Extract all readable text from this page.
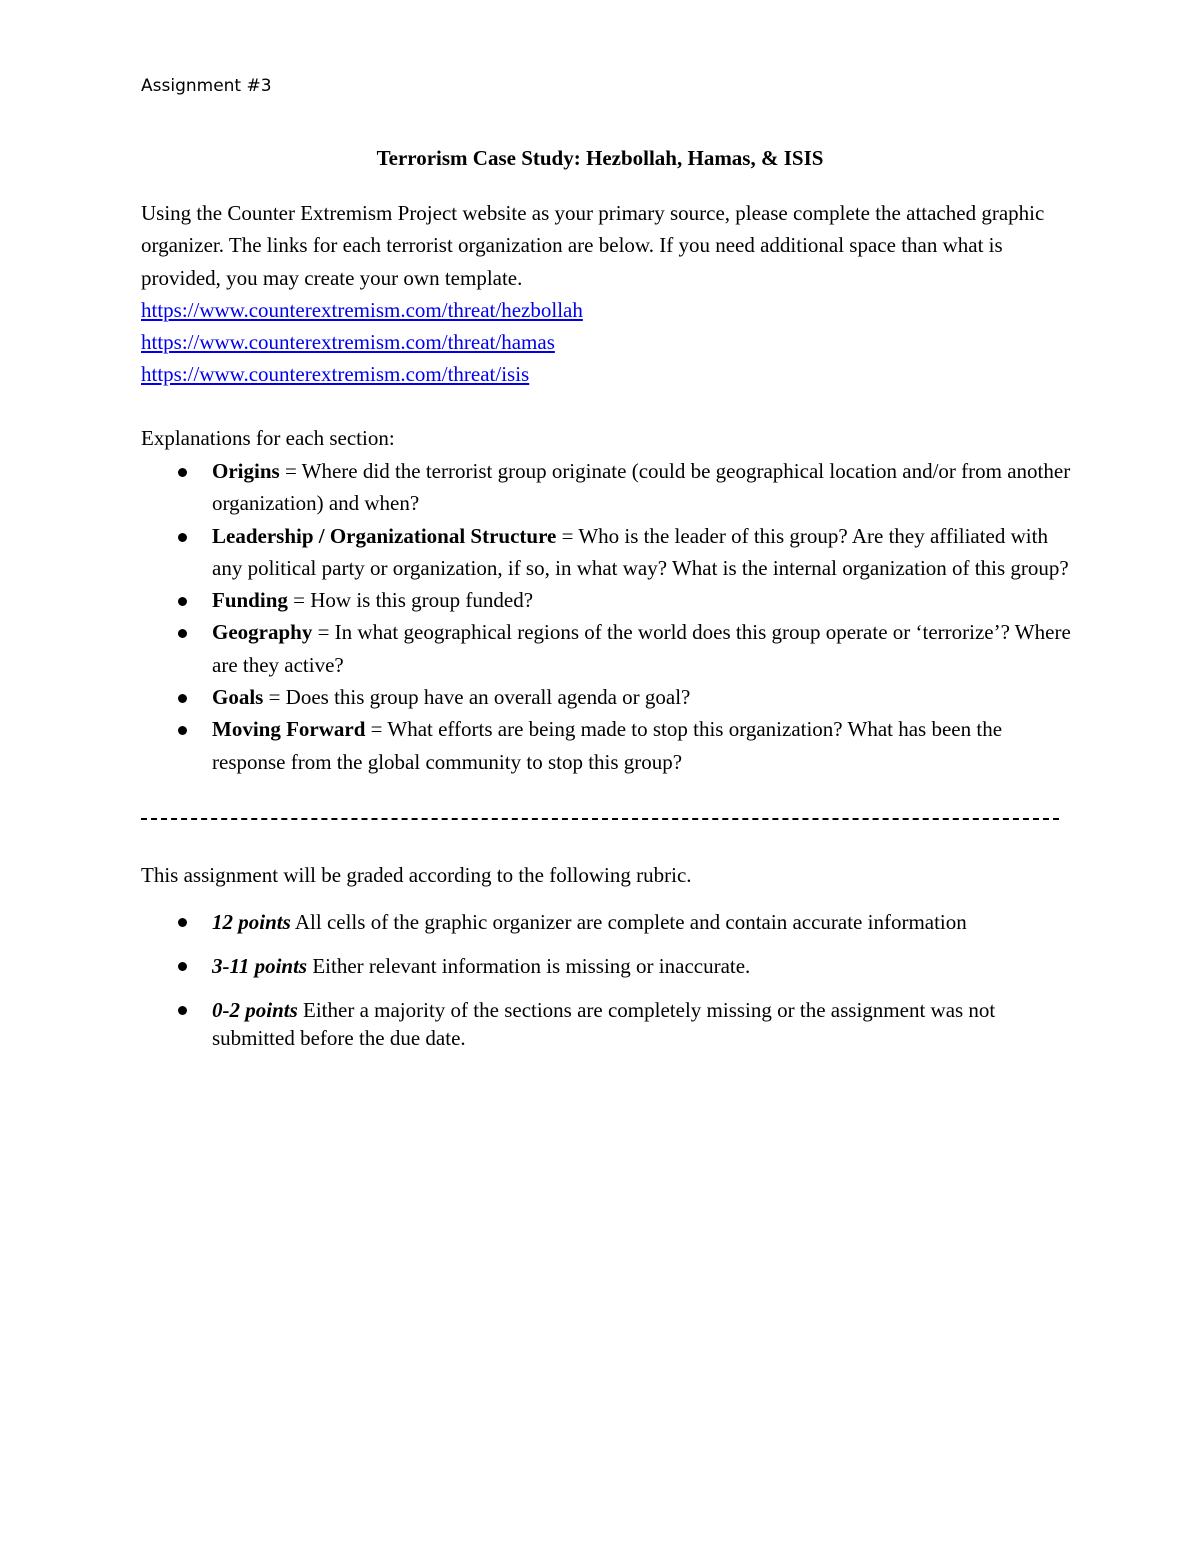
Assignment #3
Terrorism Case Study: Hezbollah, Hamas, & ISIS

Using the Counter Extremism Project website as your primary source, please complete the attached graphic organizer. The links for each terrorist organization are below. If you need additional space than what is provided, you may create your own template.

https://www.counterextremism.com/threat/hezbollah
https://www.counterextremism.com/threat/hamas
https://www.counterextremism.com/threat/isis
Explanations for each section:
Origins = Where did the terrorist group originate (could be geographical location and/or from another organization) and when?
Leadership / Organizational Structure = Who is the leader of this group? Are they affiliated with any political party or organization, if so, in what way? What is the internal organization of this group?
Funding = How is this group funded?
Geography = In what geographical regions of the world does this group operate or ‘terrorize’? Where are they active?
Goals = Does this group have an overall agenda or goal?
Moving Forward = What efforts are being made to stop this organization? What has been the response from the global community to stop this group?
This assignment will be graded according to the following rubric.
12 points All cells of the graphic organizer are complete and contain accurate information
3-11 points Either relevant information is missing or inaccurate.
0-2 points Either a majority of the sections are completely missing or the assignment was not submitted before the due date.
